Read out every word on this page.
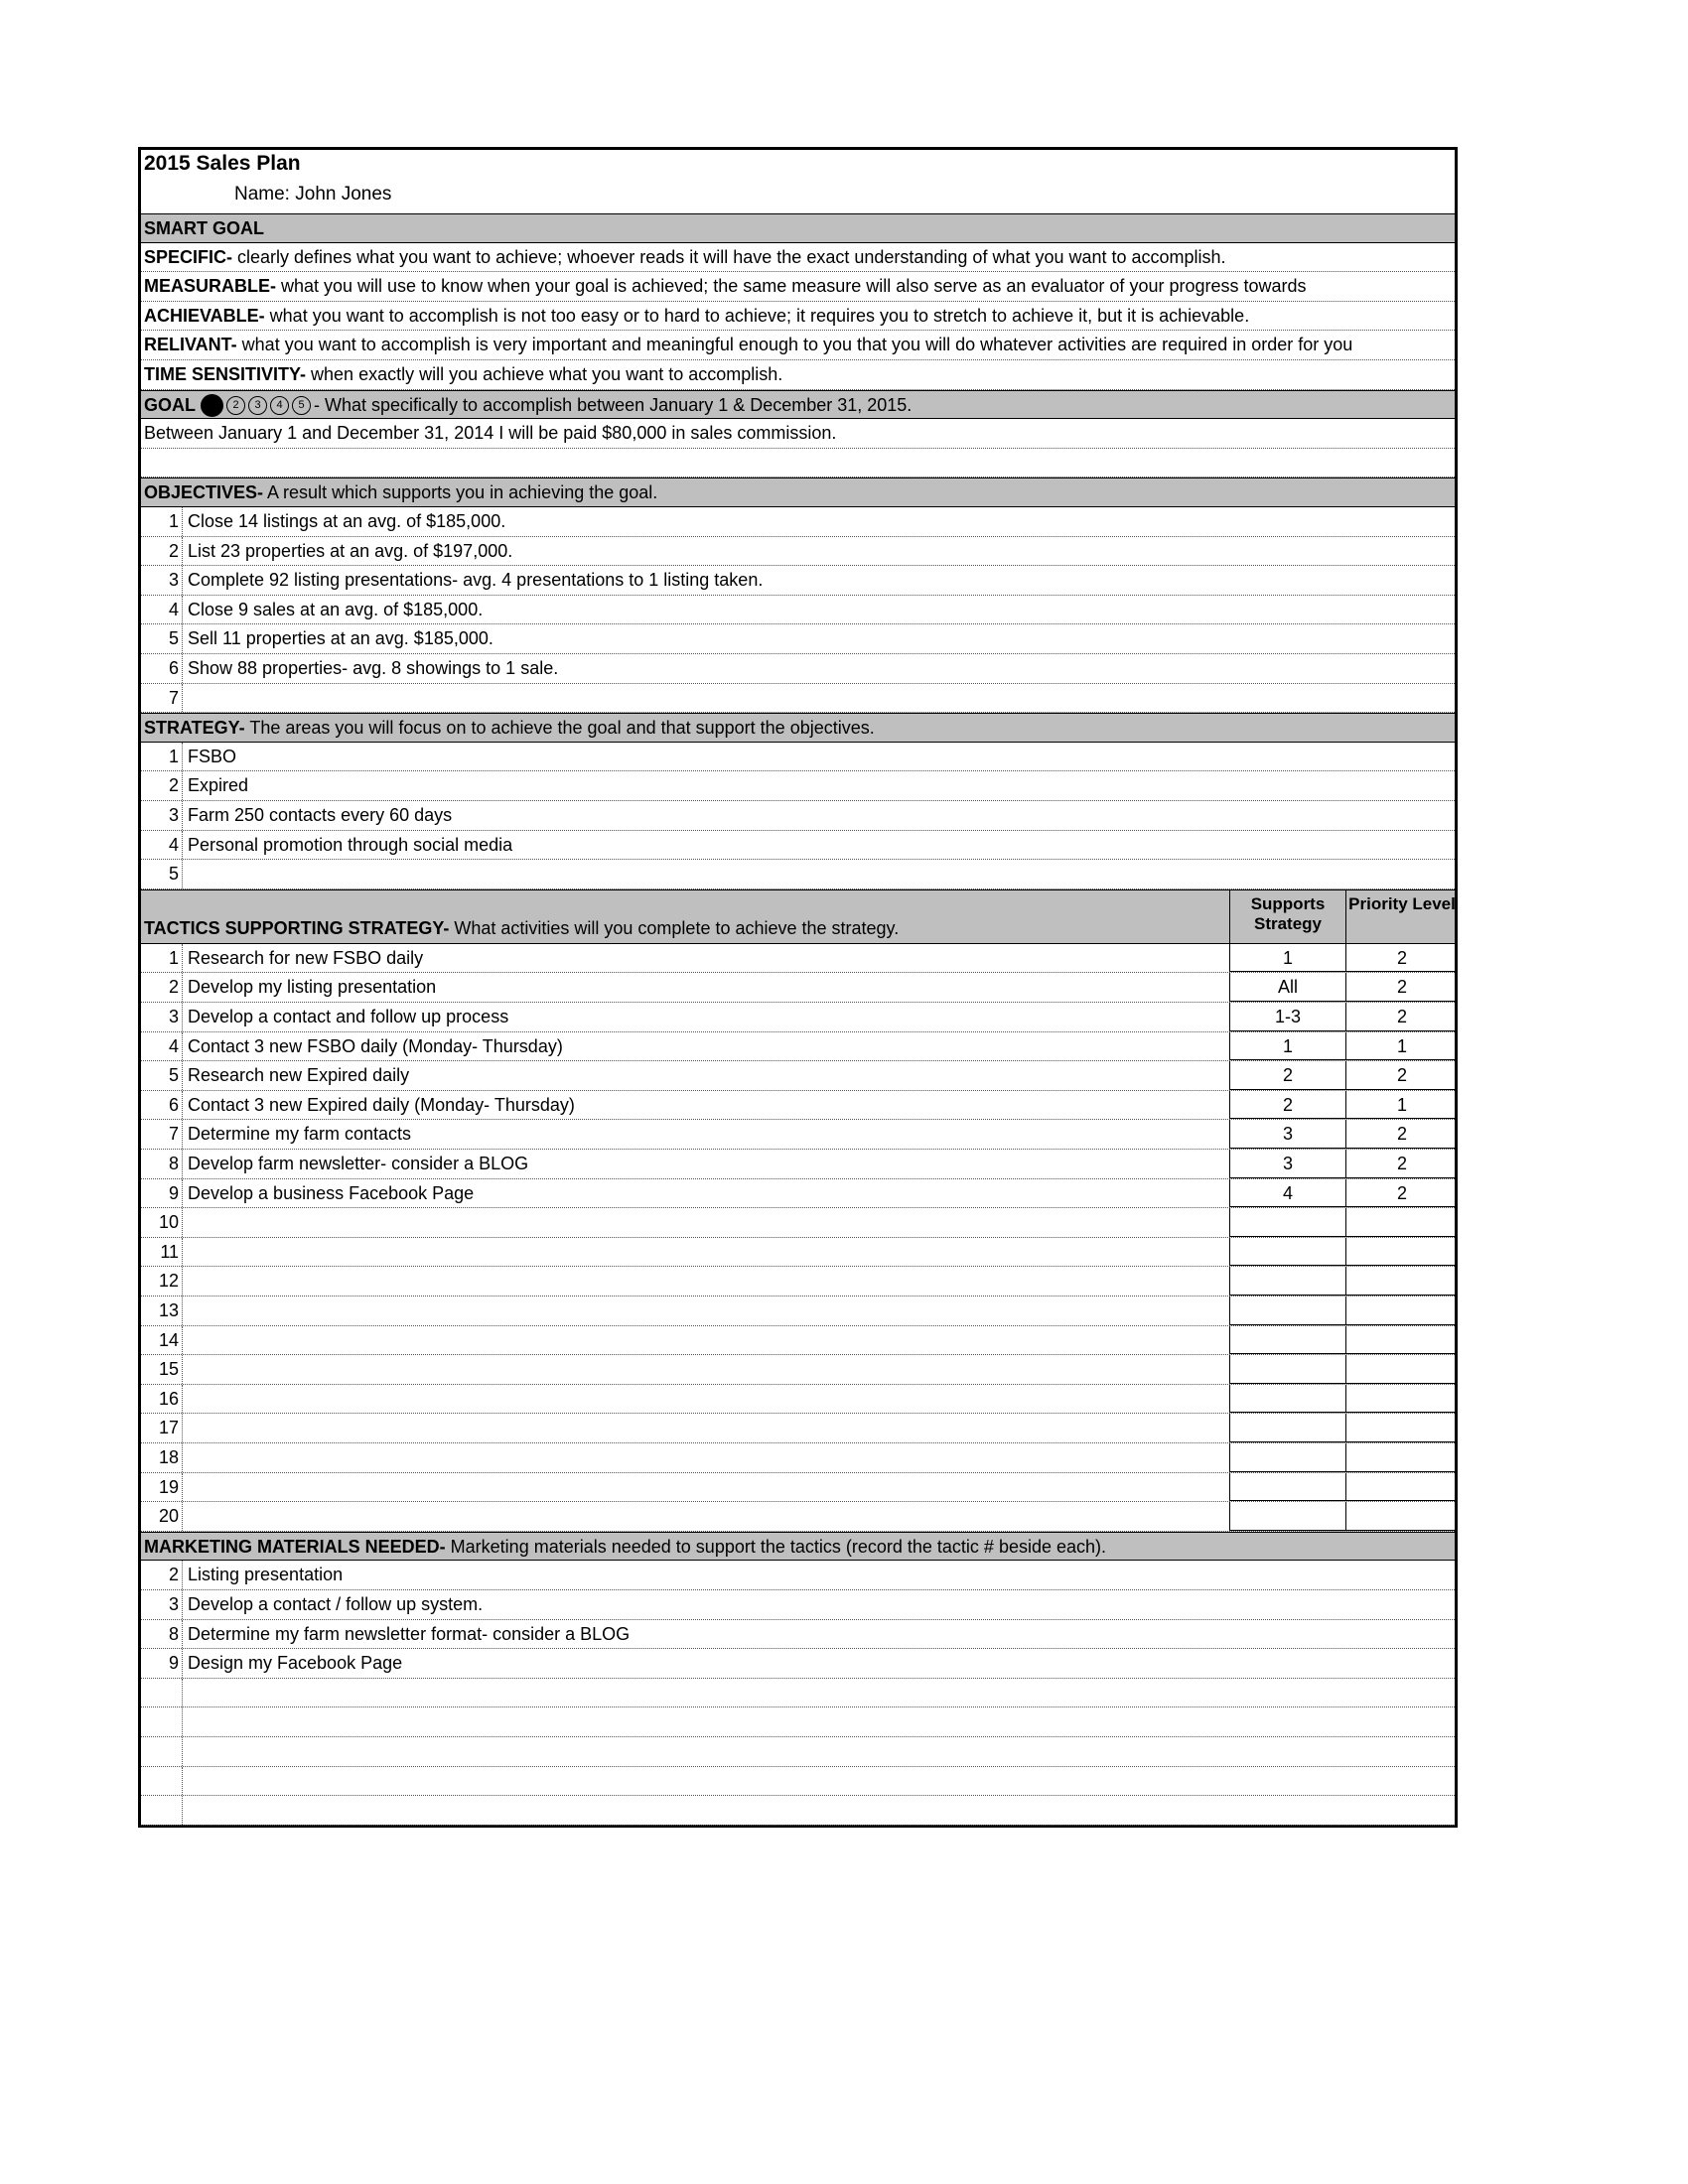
2015 Sales Plan
Name: John Jones
SMART GOAL
SPECIFIC- clearly defines what you want to achieve; whoever reads it will have the exact understanding of what you want to accomplish.
MEASURABLE- what you will use to know when your goal is achieved; the same measure will also serve as an evaluator of your progress towards
ACHIEVABLE- what you want to accomplish is not too easy or to hard to achieve; it requires you to stretch to achieve it, but it is achievable.
RELIVANT- what you want to accomplish is very important and meaningful enough to you that you will do whatever activities are required in order for you
TIME SENSITIVITY- when exactly will you achieve what you want to accomplish.
GOAL	2 3 4 5 - What specifically to accomplish between January 1 & December 31, 2015.
Between January 1 and December 31, 2014 I will be paid $80,000 in sales commission.
OBJECTIVES- A result which supports you in achieving the goal.
1 Close 14 listings at an avg. of $185,000.
2 List 23 properties at an avg. of $197,000.
3 Complete 92 listing presentations- avg. 4 presentations to 1 listing taken.
4 Close 9 sales at an avg. of $185,000.
5 Sell 11 properties at an avg. $185,000.
6 Show 88 properties- avg. 8 showings to 1 sale.
7
STRATEGY- The areas you will focus on to achieve the goal and that support the objectives.
1 FSBO
2 Expired
3 Farm 250 contacts every 60 days
4 Personal promotion through social media
5
TACTICS SUPPORTING STRATEGY- What activities will you complete to achieve the strategy.
Supports Strategy
Priority Level
1 Research for new FSBO daily	1	2
2 Develop my listing presentation	All	2
3 Develop a contact and follow up process	1-3	2
4 Contact 3 new FSBO daily (Monday- Thursday)	1	1
5 Research new Expired daily	2	2
6 Contact 3 new Expired daily (Monday- Thursday)	2	1
7 Determine my farm contacts	3	2
8 Develop farm newsletter- consider a BLOG	3	2
9 Develop a business Facebook Page	4	2
10
11
12
13
14
15
16
17
18
19
20
MARKETING MATERIALS NEEDED- Marketing materials needed to support the tactics (record the tactic # beside each).
2 Listing presentation
3 Develop a contact / follow up system.
8 Determine my farm newsletter format- consider a BLOG
9 Design my Facebook Page
